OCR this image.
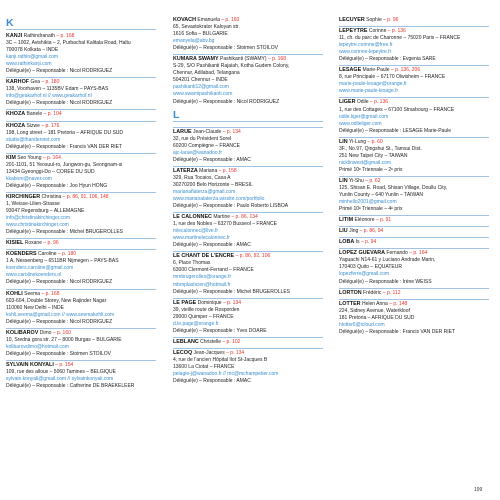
K
KANJI Rathindranath – p. 168
3C – 1002, Avishikta – 2, Purbachal Kalitala Road, Haltu
700078 Kolkata – INDE
kanji.rathin@gmail.com
www.rathinkanji.com
Délégué(e) – Responsable : Nicol RODRIGUEZ
KARHOF Gea – p. 180
138, Voorhaven – 1135BV Edam – PAYS-BAS
info@geakarhof.nl // www.geakarhof.nl
Délégué(e) – Responsable : Nicol RODRIGUEZ
KHOZA Banele – p. 104
KHOZA Sizwe – p. 176
198, Long street – 181 Pretoria – AFRIQUE DU SUD
studio@thandenriet.com
Délégué(e) – Responsable : Francis VAN DER RIET
KIM Seo Young – p. 164
201-1101, 51 Yeosuul-ro, Jungwon-gu, Seongnam-si
13434 Gyeonggi-Do – COREE DU SUD
kkabore@naver.com
Délégué(e) – Responsable : Joo Hyun HONG
KIRCHINGER Christina – p. 86, 91, 106, 148
1, Weisse-Lilien-Strasse
93047 Regensburg – ALLEMAGNE
info@christinakirchinger.com
www.christinakirchinger.com
Délégué(e) – Responsable : Michel BRUGEROLLES
KISIEL Roxane – p. 96
KOENDERS Caroline – p. 180
1 A, Nessenberg – 6511BR Nijmegen – PAYS-BAS
koenders.caroline@gmail.com
www.carolinekoenders.nl
Délégué(e) – Responsable : Nicol RODRIGUEZ
KOHLI Seema – p. 168
603-604, Double Storey, New Rajinder Nagar
110060 New Delhi – INDE
kohli.seema@gmail.com // www.seemakohli.com
Délégué(e) – Responsable : Nicol RODRIGUEZ
KOLIBAROV Dimo – p. 160
10, Sredna gora str. 27 – 8000 Burgas – BULGARIE
kolibarovdimo@hotmail.com
Délégué(e) – Responsable : Stoimen STOILOV
SYLVAIN KONYALI – p. 154
109, rue des alloux – 5060 Tamines – BELGIQUE
sylvain.konyali@gmail.com // sylvainkonyali.com
Délégué(e) – Responsable : Catherine DE BRAEKELEER
KOVACH Emanuela – p. 160
65, Sevastokrator Kaloyan str.
1616 Sofia – BULGARIE
emanyela@abv.bg
Délégué(e) – Responsable : Stoimen STOILOV
KUMARA SWAMY Pashikanti (SWAMY) – p. 168
S-29, S/O Pashikanti Rajaiah, Kotha Gudem Colony,
Chennur, Adilabad, Telangana
504201 Chennur – INDE
pashikanti12@gmail.com
www.swamipashikanti.com
Délégué(e) – Responsable : Nicol RODRIGUEZ
L
LARUE Jean-Claude – p. 134
32, rue du Président Sorel
60200 Compiègne – FRANCE
ajc-larue@wanadoo.fr
Délégué(e) – Responsable : AMAC
LATERZA Mariana – p. 158
329, Rua Tocaios, Casa A
30270200 Belo Horizonte – BRÉSIL
marianaflaterza@gmail.com
www.marianalaterza.wixsite.com/portfolio
Délégué(e) – Responsable : Paulo Roberto LISBOA
LE CALONNEC Martine – p. 86, 134
1, rue des Nobles – 63270 Busseol – FRANCE
mlecalonnec@live.fr
www.martinelecalonnec.fr
Délégué(e) – Responsable : AMAC
LE CHANT DE L’ENCRE – p. 86, 92, 106
6, Place Thomas
63000 Clermont-Ferrand – FRANCE
mmbrugerolles@orange.fr
mbmplasticien@hotmail.fr
Délégué(e) – Responsable : Michel BRUGEROLLES
LE PAGE Dominique – p. 134
39, vieille route de Rosporden
29000 Quimper – FRANCE
d.le.page@orange.fr
Délégué(e) – Responsable : Yves DOARE
LEBLANC Christelle – p. 102
LECOQ Jean-Jacques – p. 134
4, rue de l’ancien Hôpital Îlot St-Jacques B
13600 La Ciotat – FRANCE
pelagie-j@wanadoo.fr // mc@mchampetier.com
Délégué(e) – Responsable : AMAC
LECUYER Sophie – p. 96
LEPEYTRE Corinne – p. 136
11, ch. du parc de Charonne – 75020 Paris – FRANCE
lepeytre.corinne@free.fr
www.corinne-lepeytre.fr
Délégué(e) – Responsable : Evgenia SARE
LESAGE Marie-Paule – p. 136, 206
8, rue Principale – 67170 Olwisheim – FRANCE
marie-paule-lesage@orange.fr
www.marie-paule-lesage.fr
LIGER Odile – p. 136
1, rue des Cottages – 67100 Strasbourg – FRANCE
odile.liger@gmail.com
www.odileliger.com
Délégué(e) – Responsable : LESAGE Marie-Paule
LIN Yi-Lung – p. 60
3F., No.97, Qingshui St., Tamsui Dist.
251 New Taipei City – TAÏWAN
nicklinwest@gmail.com
Primé 10ᵉ Triennale – 2ᵉ prix
LIN Yi-Shu – p. 62
125, Shisan E. Road, Shisan Village, Doullu City,
Yunlin County – 640 Yunlin – TAÏWAN
minhello2001@gmail.com
Primé 10ᵉ Triennale – 4ᵉ prix
LITIM Éléonore – p. 91
LIU Jing – p. 86, 94
LOBA Is – p. 94
LOPEZ GUEVARA Fernando – p. 164
Yaguachi N14-61 y Luciano Andrade Marin,
170403 Quito – ÉQUATEUR
lopezferre@gmail.com
Délégué(e) – Responsable : Irène WEISS
LORTON Frédéric – p. 112
LOTTER Helen Anna – p. 148
224, Sidney Avenue, Waterkloof
181 Pretoria – AFRIQUE DU SUD
hlotter6@icloud.com
Délégué(e) – Responsable : Francis VAN DER RIET
199
